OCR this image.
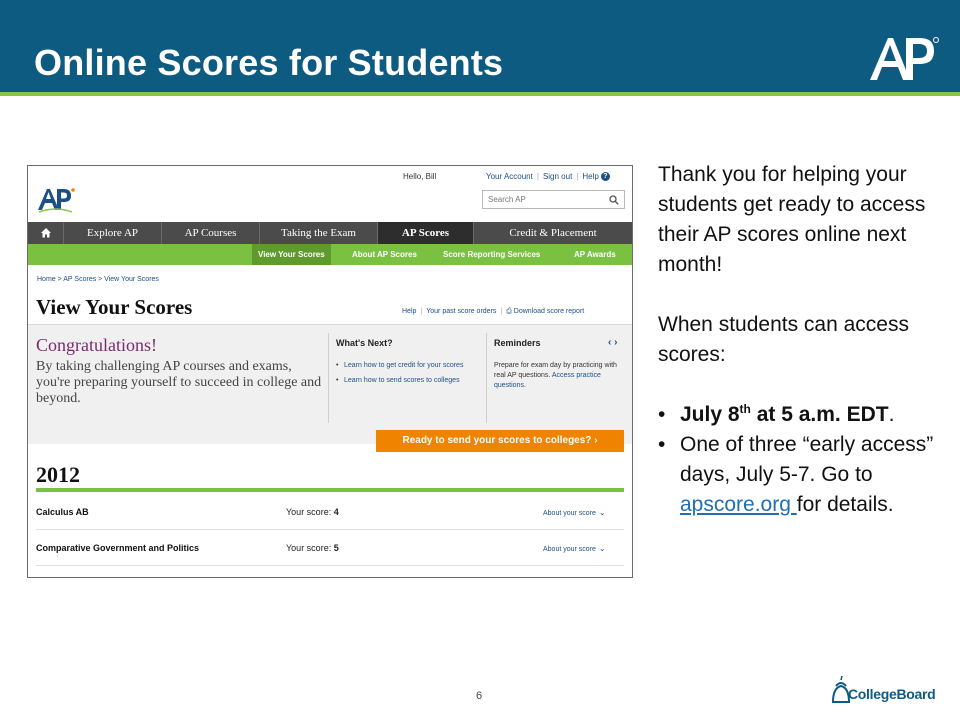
Online Scores for Students
Hello, Bill	Your Account | Sign out | Help ?
Search AP
Explore AP	AP Courses	Taking the Exam	AP Scores	Credit & Placement
View Your Scores	About AP Scores	Score Reporting Services	AP Awards
Home > AP Scores > View Your Scores
View Your Scores	Help | Your past score orders | ⎙ Download score report
Congratulations!
By taking challenging AP courses and exams, you're preparing yourself to succeed in college and beyond.
What's Next?
• Learn how to get credit for your scores
• Learn how to send scores to colleges
Reminders	‹ ›
Prepare for exam day by practicing with real AP questions. Access practice questions.
Ready to send your scores to colleges? ›
2012
Calculus AB	Your score: 4	About your score ⌄
Comparative Government and Politics	Your score: 5	About your score ⌄

Thank you for helping your students get ready to access their AP scores online next month!

When students can access scores:

• July 8th at 5 a.m. EDT.
• One of three “early access” days, July 5-7. Go to apscore.org for details.
6	CollegeBoard
